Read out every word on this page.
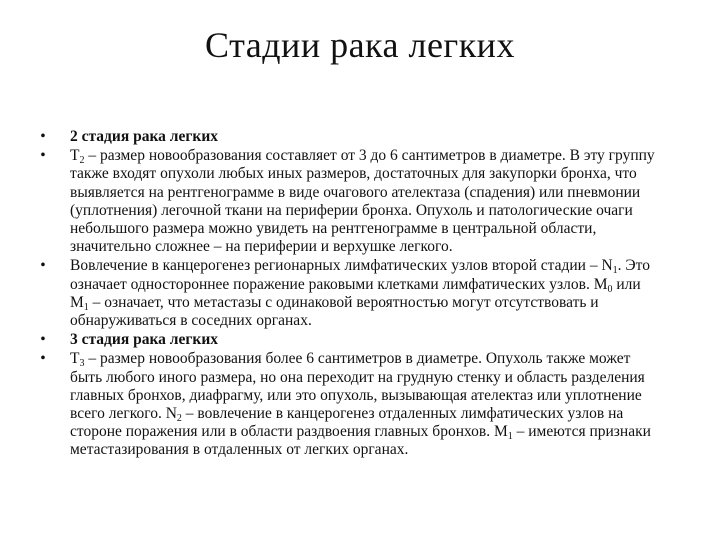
Стадии рака легких
• 2 стадия рака легких
• $T_2$ – размер новообразования составляет от 3 до 6 сантиметров в диаметре. В эту группу также входят опухоли любых иных размеров, достаточных для закупорки бронха, что выявляется на рентгенограмме в виде очагового ателектаза (спадения) или пневмонии (уплотнения) легочной ткани на периферии бронха. Опухоль и патологические очаги небольшого размера можно увидеть на рентгенограмме в центральной области, значительно сложнее – на периферии и верхушке легкого.
• Вовлечение в канцерогенез регионарных лимфатических узлов второй стадии – $N_1$. Это означает одностороннее поражение раковыми клетками лимфатических узлов. $M_0$ или $M_1$ – означает, что метастазы с одинаковой вероятностью могут отсутствовать и обнаруживаться в соседних органах.
• 3 стадия рака легких
• $T_3$ – размер новообразования более 6 сантиметров в диаметре. Опухоль также может быть любого иного размера, но она переходит на грудную стенку и область разделения главных бронхов, диафрагму, или это опухоль, вызывающая ателектаз или уплотнение всего легкого. $N_2$ – вовлечение в канцерогенез отдаленных лимфатических узлов на стороне поражения или в области раздвоения главных бронхов. $M_1$ – имеются признаки метастазирования в отдаленных от легких органах.
